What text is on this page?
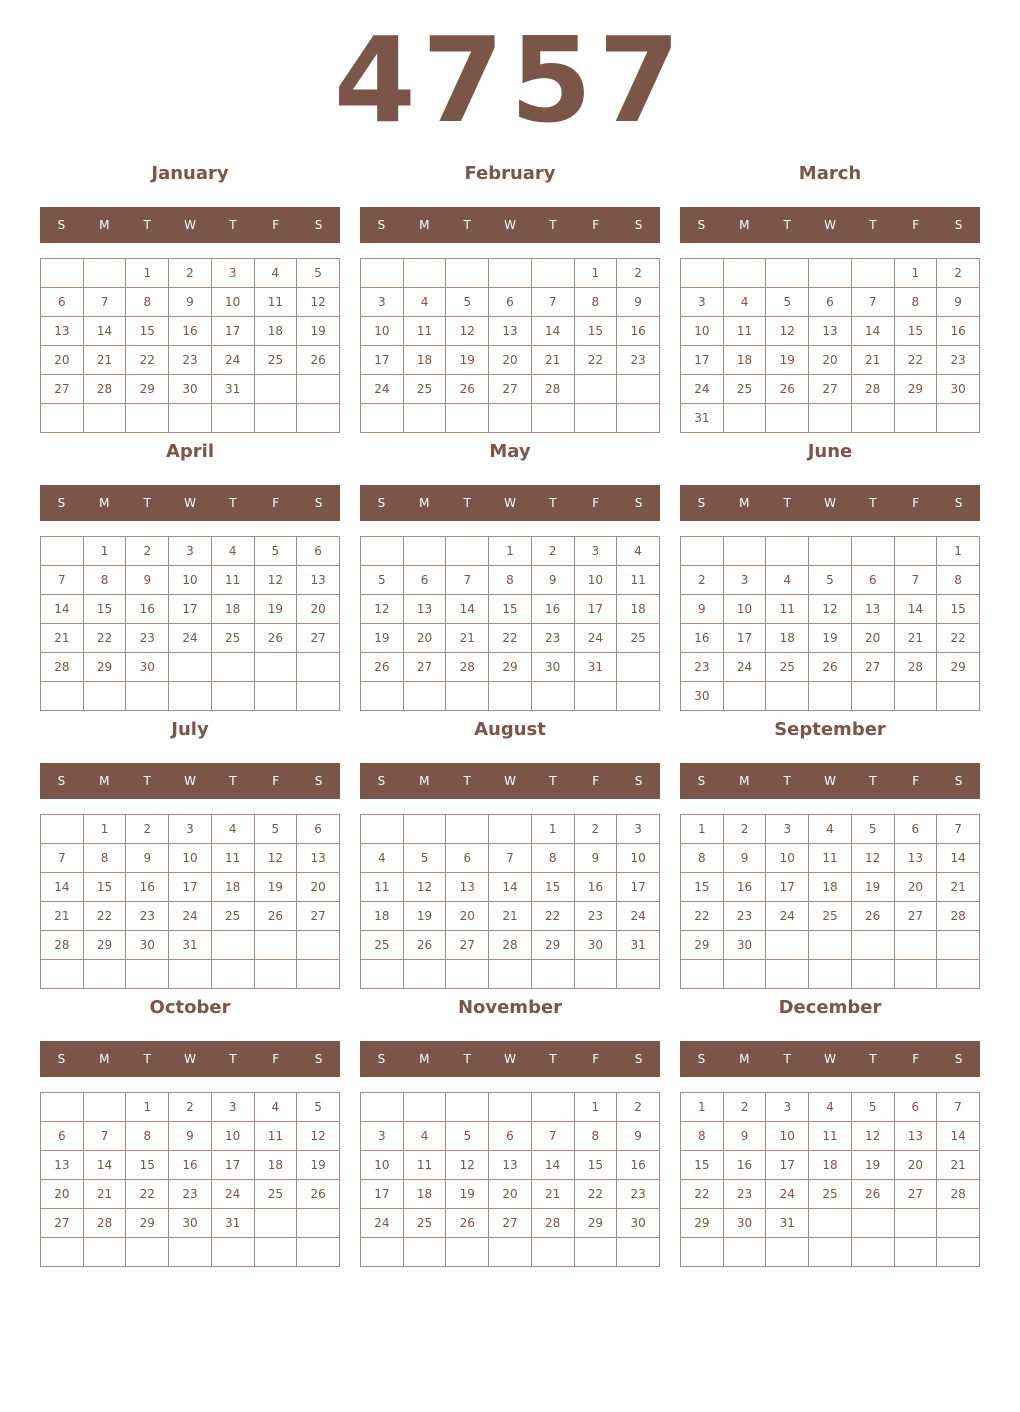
4757
January
S	M	T	W	T	F	S
		1	2	3	4	5
6	7	8	9	10	11	12
13	14	15	16	17	18	19
20	21	22	23	24	25	26
27	28	29	30	31		

February
S	M	T	W	T	F	S
					1	2
3	4	5	6	7	8	9
10	11	12	13	14	15	16
17	18	19	20	21	22	23
24	25	26	27	28		

March
S	M	T	W	T	F	S
					1	2
3	4	5	6	7	8	9
10	11	12	13	14	15	16
17	18	19	20	21	22	23
24	25	26	27	28	29	30
31						
April
S	M	T	W	T	F	S
	1	2	3	4	5	6
7	8	9	10	11	12	13
14	15	16	17	18	19	20
21	22	23	24	25	26	27
28	29	30				

May
S	M	T	W	T	F	S
			1	2	3	4
5	6	7	8	9	10	11
12	13	14	15	16	17	18
19	20	21	22	23	24	25
26	27	28	29	30	31	

June
S	M	T	W	T	F	S
						1
2	3	4	5	6	7	8
9	10	11	12	13	14	15
16	17	18	19	20	21	22
23	24	25	26	27	28	29
30						
July
S	M	T	W	T	F	S
	1	2	3	4	5	6
7	8	9	10	11	12	13
14	15	16	17	18	19	20
21	22	23	24	25	26	27
28	29	30	31			

August
S	M	T	W	T	F	S
				1	2	3
4	5	6	7	8	9	10
11	12	13	14	15	16	17
18	19	20	21	22	23	24
25	26	27	28	29	30	31

September
S	M	T	W	T	F	S
1	2	3	4	5	6	7
8	9	10	11	12	13	14
15	16	17	18	19	20	21
22	23	24	25	26	27	28
29	30					

October
S	M	T	W	T	F	S
		1	2	3	4	5
6	7	8	9	10	11	12
13	14	15	16	17	18	19
20	21	22	23	24	25	26
27	28	29	30	31		

November
S	M	T	W	T	F	S
					1	2
3	4	5	6	7	8	9
10	11	12	13	14	15	16
17	18	19	20	21	22	23
24	25	26	27	28	29	30

December
S	M	T	W	T	F	S
1	2	3	4	5	6	7
8	9	10	11	12	13	14
15	16	17	18	19	20	21
22	23	24	25	26	27	28
29	30	31				
